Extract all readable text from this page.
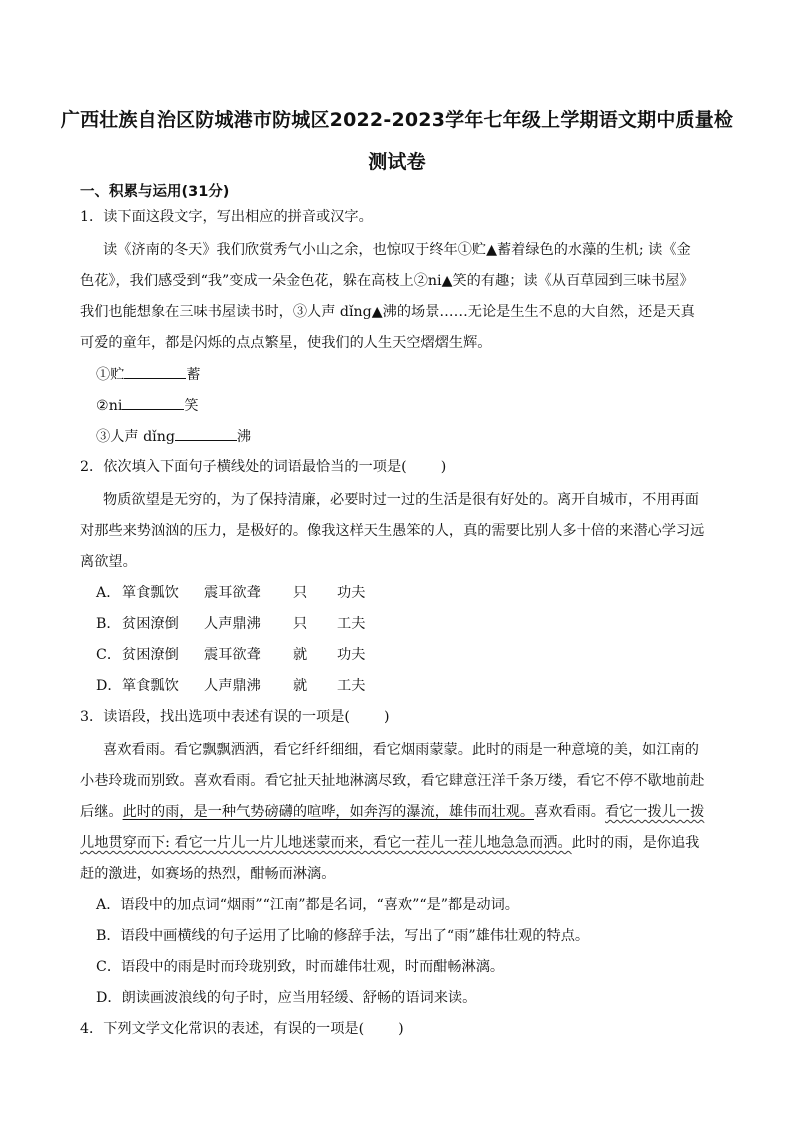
广西壮族自治区防城港市防城区2022-2023学年七年级上学期语文期中质量检
测试卷
一、积累与运用(31分)
1．读下面这段文字，写出相应的拼音或汉字。
读《济南的冬天》我们欣赏秀气小山之余，也惊叹于终年①贮▲蓄着绿色的水藻的生机; 读《金
色花》，我们感受到“我”变成一朵金色花，躲在高枝上②ni▲笑的有趣；读《从百草园到三味书屋》
我们也能想象在三味书屋读书时，③人声 dǐng▲沸的场景……无论是生生不息的大自然，还是天真
可爱的童年，都是闪烁的点点繁星，使我们的人生天空熠熠生辉。
①贮	蓄
②ni	笑
③人声 dǐng	沸
2．依次填入下面句子横线处的词语最恰当的一项是( )
物质欲望是无穷的，为了保持清廉，必要时过一过的生活是很有好处的。离开自城市，不用再面
对那些来势汹汹的压力，是极好的。像我这样天生愚笨的人，真的需要比别人多十倍的来潜心学习远
离欲望。
A． 箪食瓢饮 震耳欲聋 只 功夫
B．贫困潦倒 人声鼎沸 只 工夫
C．贫困潦倒 震耳欲聋 就 功夫
D．箪食瓢饮 人声鼎沸 就 工夫
3．读语段，找出选项中表述有误的一项是( )
喜欢看雨。看它飘飘洒洒，看它纤纤细细，看它烟雨蒙蒙。此时的雨是一种意境的美，如江南的
小巷玲珑而别致。喜欢看雨。看它扯天扯地淋漓尽致，看它肆意汪洋千条万缕，看它不停不歇地前赴
后继。此时的雨，是一种气势磅礴的喧哗，如奔泻的瀑流，雄伟而壮观。喜欢看雨。看它一拨儿一拨
儿地贯穿而下: 看它一片儿一片儿地迷蒙而来，看它一茬儿一茬儿地急急而洒。此时的雨，是你追我
赶的激进，如赛场的热烈，酣畅而淋漓。
A．语段中的加点词“烟雨”“江南”都是名词，“喜欢”“是”都是动词。
B．语段中画横线的句子运用了比喻的修辞手法，写出了“雨”雄伟壮观的特点。
C．语段中的雨是时而玲珑别致，时而雄伟壮观，时而酣畅淋漓。
D．朗读画波浪线的句子时，应当用轻缓、舒畅的语词来读。
4．下列文学文化常识的表述，有误的一项是( )
